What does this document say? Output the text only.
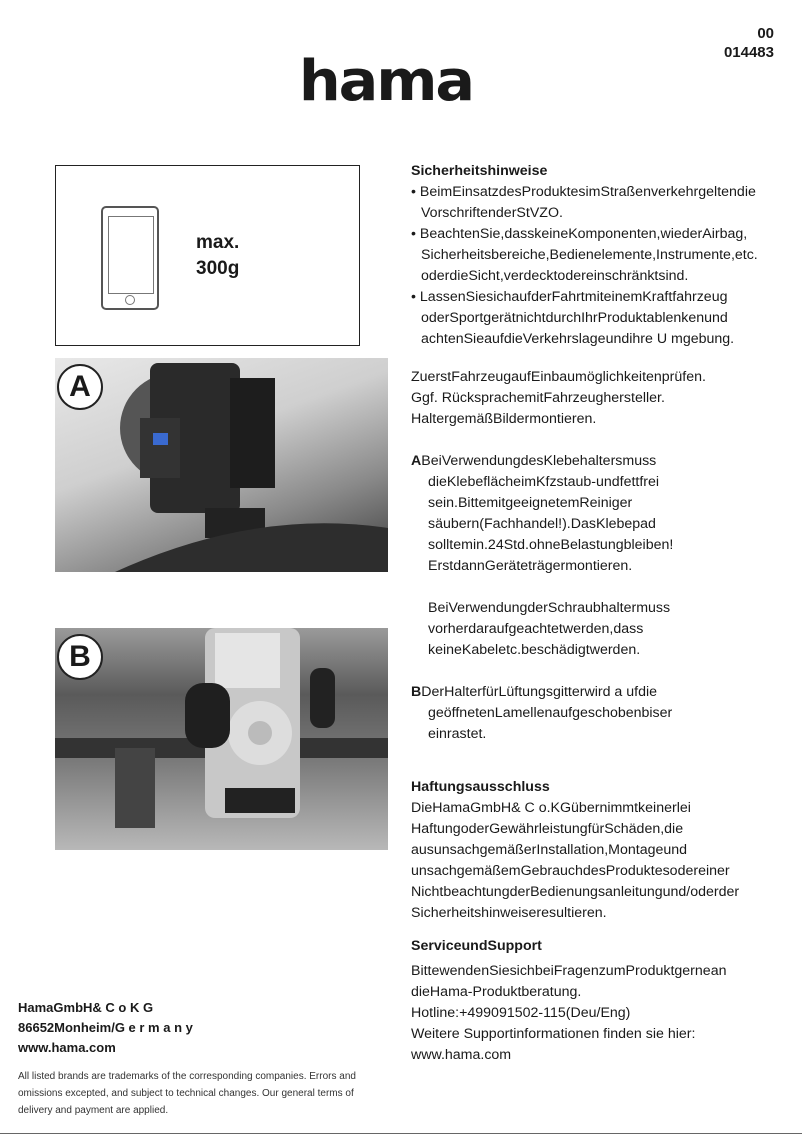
00
014483
hama
max.
300g
A
B
Sicherheitshinweise
• BeimEinsatzdesProduktesimStraßenverkehrgeltendie VorschriftenderStVZO.
• BeachtenSie,dasskeineKomponenten,wiederAirbag, Sicherheitsbereiche,Bedienelemente,Instrumente,etc. oderdieSicht,verdecktodereinschränktsind.
• LassenSiesichaufderFahrtmiteinemKraftfahrzeug oderSportgerätnichtdurchIhrProduktablenkenund achtenSieaufdieVerkehrslageundihre U mgebung.
ZuerstFahrzeugaufEinbaumöglichkeitenprüfen.
Ggf. RücksprachemitFahrzeughersteller.
HaltergemäßBildermontieren.
ABeiVerwendungdesKlebehaltersmuss
dieKlebeflächeimKfzstaub-undfettfrei
sein.BittemitgeeignetemReiniger
säubern(Fachhandel!).DasKlebepad
solltemin.24Std.ohneBelastungbleiben!
ErstdannGeräteträgermontieren.
BeiVerwendungderSchraubhaltermuss
vorherdaraufgeachtetwerden,dass
keineKabeletc.beschädigtwerden.
BDerHalterfürLüftungsgitterwird a ufdie
geöffnetenLamellenaufgeschobenbiser
einrastet.
Haftungsausschluss
DieHamaGmbH& C o.KGübernimmtkeinerlei
HaftungoderGewährleistungfürSchäden,die
ausunsachgemäßerInstallation,Montageund
unsachgemäßemGebrauchdesProduktesodereiner
NichtbeachtungderBedienungsanleitungund/oderder
Sicherheitshinweiseresultieren.
ServiceundSupport
BittewendenSiesichbeiFragenzumProduktgernean
dieHama-Produktberatung.
Hotline:+499091502-115(Deu/Eng)
Weitere Supportinformationen finden sie hier:
www.hama.com
HamaGmbH& C o K G
86652Monheim/G e r m a n y
www.hama.com
All listed brands are trademarks of the corresponding companies. Errors and omissions excepted, and subject to technical changes. Our general terms of delivery and payment are applied.
